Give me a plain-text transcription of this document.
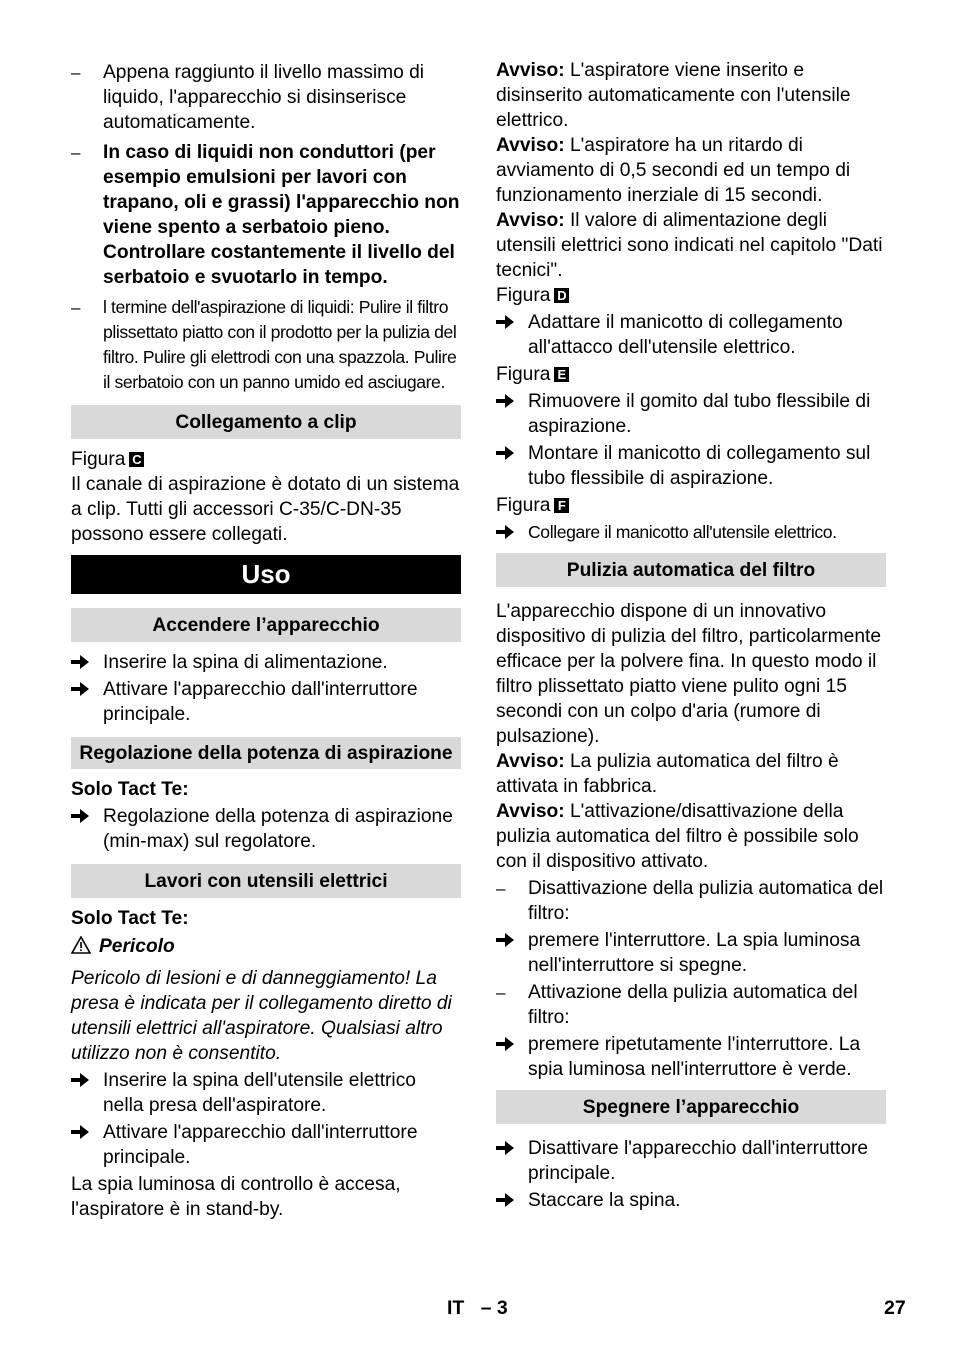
–	Appena raggiunto il livello massimo di liquido, l'apparecchio si disinserisce automaticamente.
–	In caso di liquidi non conduttori (per esempio emulsioni per lavori con trapano, oli e grassi) l'apparecchio non viene spento a serbatoio pieno. Controllare costantemente il livello del serbatoio e svuotarlo in tempo.
–	l termine dell'aspirazione di liquidi: Pulire il filtro plissettato piatto con il prodotto per la pulizia del filtro. Pulire gli elettrodi con una spazzola. Pulire il serbatoio con un panno umido ed asciugare.
Collegamento a clip
Figura C

Il canale di aspirazione è dotato di un sistema a clip. Tutti gli accessori C-35/C-DN-35 possono essere collegati.

Uso
Accendere l’apparecchio
Inserire la spina di alimentazione.
Attivare l'apparecchio dall'interruttore principale.
Regolazione della potenza di aspirazione
Solo Tact Te:
Regolazione della potenza di aspirazione (min-max) sul regolatore.
Lavori con utensili elettrici
Solo Tact Te:
Pericolo

Pericolo di lesioni e di danneggiamento! La presa è indicata per il collegamento diretto di utensili elettrici all'aspiratore. Qualsiasi altro utilizzo non è consentito.

Inserire la spina dell'utensile elettrico nella presa dell'aspiratore.
Attivare l'apparecchio dall'interruttore principale.

La spia luminosa di controllo è accesa, l'aspiratore è in stand-by.

Avviso: L'aspiratore viene inserito e disinserito automaticamente con l'utensile elettrico.

Avviso: L'aspiratore ha un ritardo di avviamento di 0,5 secondi ed un tempo di funzionamento inerziale di 15 secondi.

Avviso: Il valore di alimentazione degli utensili elettrici sono indicati nel capitolo "Dati tecnici".

Figura D
Adattare il manicotto di collegamento all'attacco dell'utensile elettrico.
Figura E
Rimuovere il gomito dal tubo flessibile di aspirazione.
Montare il manicotto di collegamento sul tubo flessibile di aspirazione.
Figura F
Collegare il manicotto all'utensile elettrico.
Pulizia automatica del filtro

L'apparecchio dispone di un innovativo dispositivo di pulizia del filtro, particolarmente efficace per la polvere fina. In questo modo il filtro plissettato piatto viene pulito ogni 15 secondi con un colpo d'aria (rumore di pulsazione).

Avviso: La pulizia automatica del filtro è attivata in fabbrica.

Avviso: L'attivazione/disattivazione della pulizia automatica del filtro è possibile solo con il dispositivo attivato.

–	Disattivazione della pulizia automatica del filtro:
premere l'interruttore. La spia luminosa nell'interruttore si spegne.
–	Attivazione della pulizia automatica del filtro:
premere ripetutamente l'interruttore. La spia luminosa nell'interruttore è verde.
Spegnere l’apparecchio
Disattivare l'apparecchio dall'interruttore principale.
Staccare la spina.
IT   – 3	27
